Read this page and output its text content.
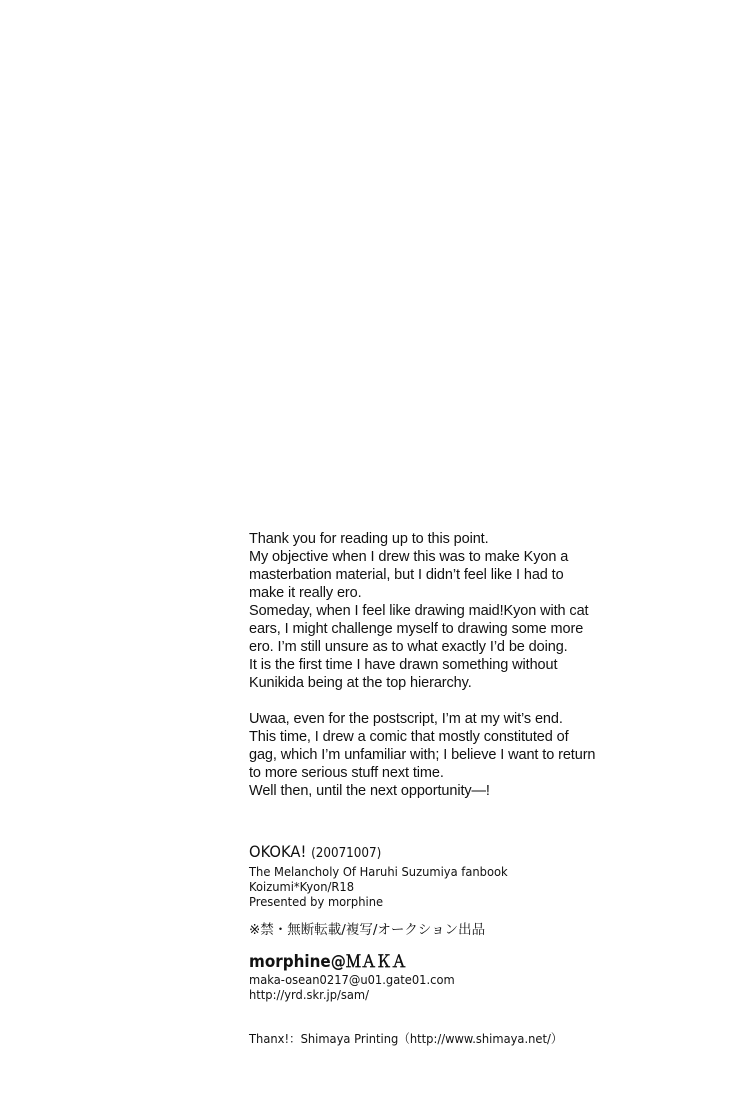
Thank you for reading up to this point.
My objective when I drew this was to make Kyon a
masterbation material, but I didn’t feel like I had to
make it really ero.
Someday, when I feel like drawing maid!Kyon with cat
ears, I might challenge myself to drawing some more
ero. I’m still unsure as to what exactly I’d be doing.
It is the first time I have drawn something without
Kunikida being at the top hierarchy.

Uwaa, even for the postscript, I’m at my wit’s end.
This time, I drew a comic that mostly constituted of
gag, which I’m unfamiliar with; I believe I want to return
to more serious stuff next time.
Well then, until the next opportunity—!

OKOKA! (20071007)
The Melancholy Of Haruhi Suzumiya fanbook
Koizumi*Kyon/R18
Presented by morphine
※禁・無断転載/複写/オークション出品
morphine@ＭＡＫＡ
maka-osean0217@u01.gate01.com
http://yrd.skr.jp/sam/
Thanx!：Shimaya Printing（http://www.shimaya.net/）
